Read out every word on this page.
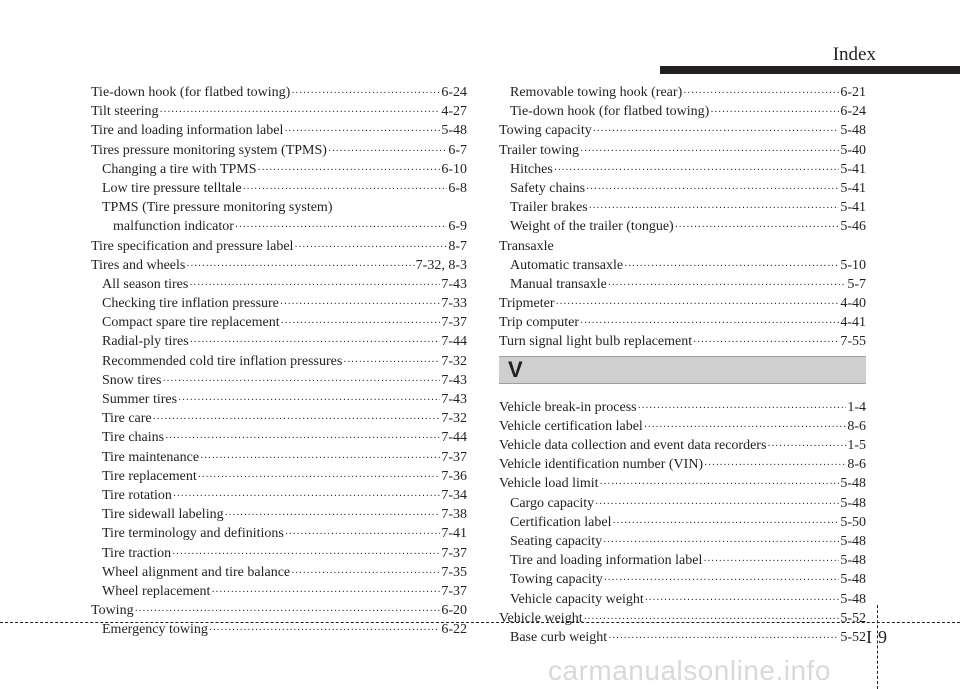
Index
Tie-down hook (for flatbed towing) ·····	6-24
Tilt steering ·····	4-27
Tire and loading information label ·····	5-48
Tires pressure monitoring system (TPMS) ·····	6-7
Changing a tire with TPMS ·····	6-10
Low tire pressure telltale ·····	6-8
TPMS (Tire pressure monitoring system)
malfunction indicator ·····	6-9
Tire specification and pressure label ·····	8-7
Tires and wheels ·····	7-32, 8-3
All season tires ·····	7-43
Checking tire inflation pressure ·····	7-33
Compact spare tire replacement ·····	7-37
Radial-ply tires ·····	7-44
Recommended cold tire inflation pressures ·····	7-32
Snow tires ·····	7-43
Summer tires ·····	7-43
Tire care ·····	7-32
Tire chains ·····	7-44
Tire maintenance ·····	7-37
Tire replacement ·····	7-36
Tire rotation ·····	7-34
Tire sidewall labeling ·····	7-38
Tire terminology and definitions ·····	7-41
Tire traction ·····	7-37
Wheel alignment and tire balance ·····	7-35
Wheel replacement ·····	7-37
Towing ·····	6-20
Emergency towing ·····	6-22
Removable towing hook (rear) ·····	6-21
Tie-down hook (for flatbed towing) ·····	6-24
Towing capacity ·····	5-48
Trailer towing ·····	5-40
Hitches ·····	5-41
Safety chains ·····	5-41
Trailer brakes ·····	5-41
Weight of the trailer (tongue) ·····	5-46
Transaxle
Automatic transaxle ·····	5-10
Manual transaxle ·····	5-7
Tripmeter ·····	4-40
Trip computer ·····	4-41
Turn signal light bulb replacement ·····	7-55
V
Vehicle break-in process ·····	1-4
Vehicle certification label ·····	8-6
Vehicle data collection and event data recorders ·····	1-5
Vehicle identification number (VIN) ·····	8-6
Vehicle load limit ·····	5-48
Cargo capacity ·····	5-48
Certification label ·····	5-50
Seating capacity ·····	5-48
Tire and loading information label ·····	5-48
Towing capacity ·····	5-48
Vehicle capacity weight ·····	5-48
Vehicle weight ·····	5-52
Base curb weight ·····	5-52 I9
carmanualsonline.info
